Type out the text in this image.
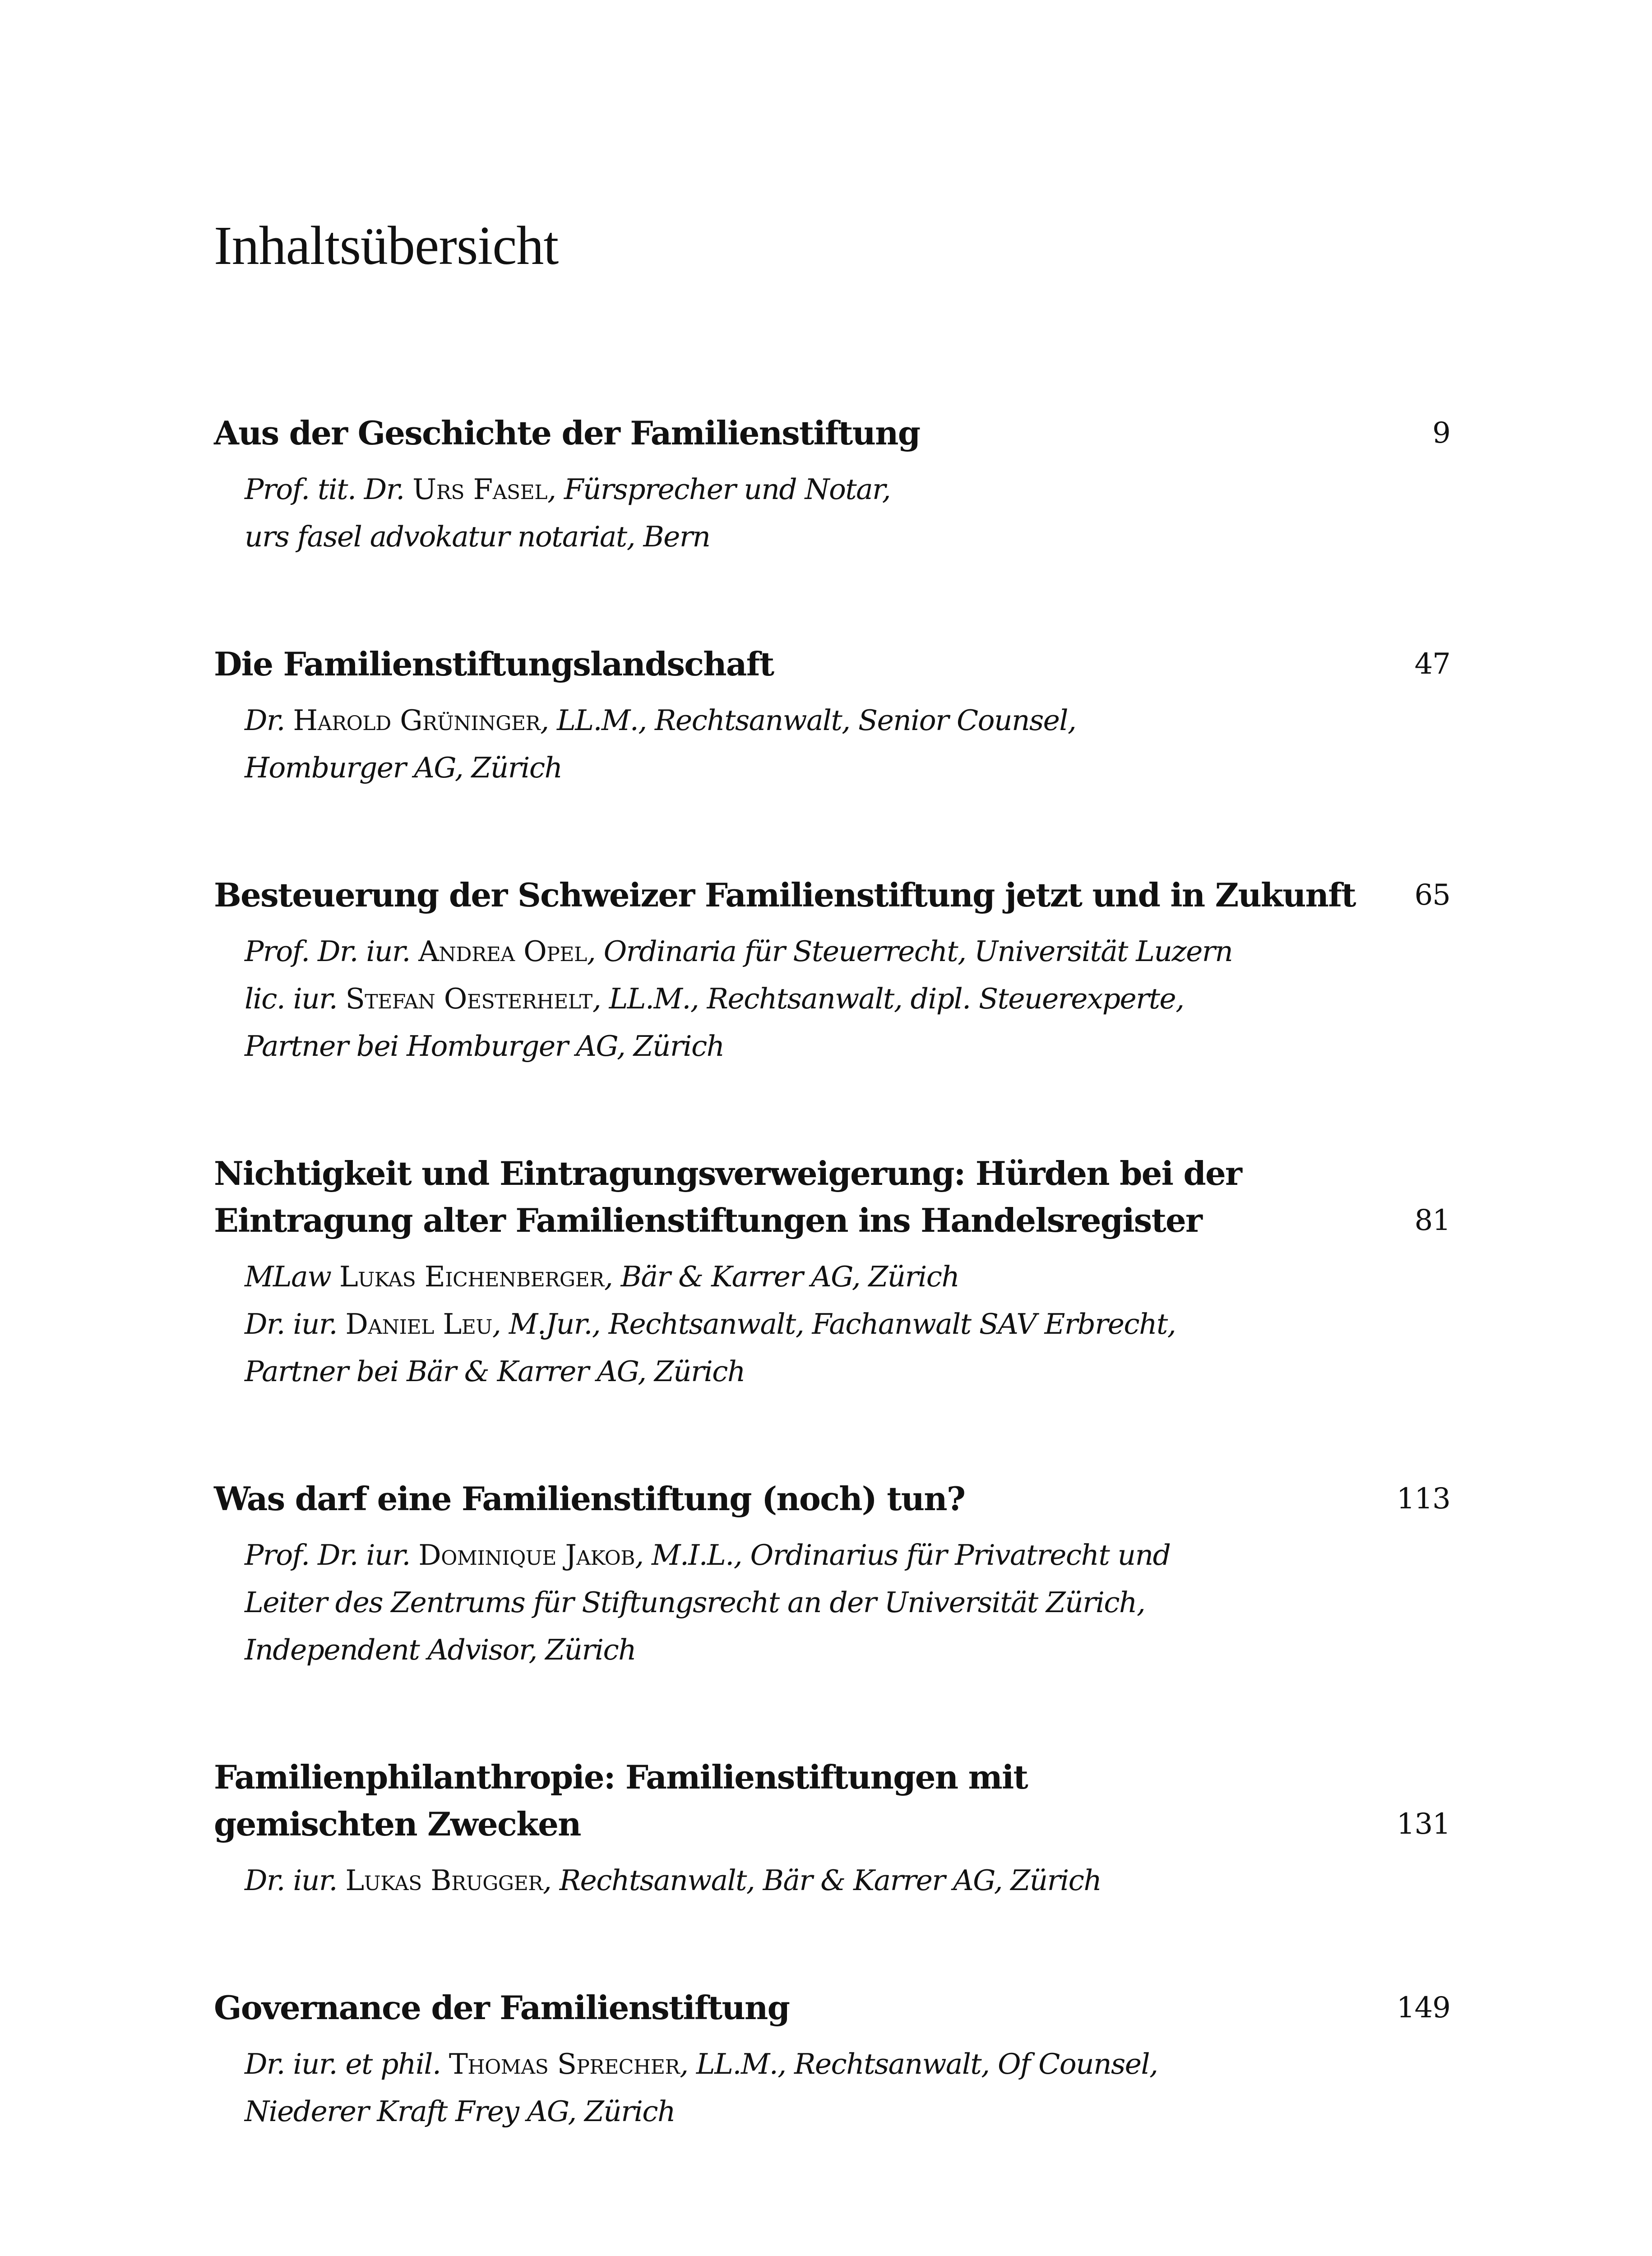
Inhaltsübersicht
Aus der Geschichte der Familienstiftung	9
Prof. tit. Dr. Urs Fasel, Fürsprecher und Notar,
urs fasel advokatur notariat, Bern
Die Familienstiftungslandschaft	47
Dr. Harold Grüninger, LL.M., Rechtsanwalt, Senior Counsel,
Homburger AG, Zürich
Besteuerung der Schweizer Familienstiftung jetzt und in Zukunft 65
Prof. Dr. iur. Andrea Opel, Ordinaria für Steuerrecht, Universität Luzern
lic. iur. Stefan Oesterhelt, LL.M., Rechtsanwalt, dipl. Steuerexperte,
Partner bei Homburger AG, Zürich
Nichtigkeit und Eintragungsverweigerung: Hürden bei der
Eintragung alter Familienstiftungen ins Handelsregister	81
MLaw Lukas Eichenberger, Bär & Karrer AG, Zürich
Dr. iur. Daniel Leu, M.Jur., Rechtsanwalt, Fachanwalt SAV Erbrecht,
Partner bei Bär & Karrer AG, Zürich
Was darf eine Familienstiftung (noch) tun?	113
Prof. Dr. iur. Dominique Jakob, M.I.L., Ordinarius für Privatrecht und
Leiter des Zentrums für Stiftungsrecht an der Universität Zürich,
Independent Advisor, Zürich
Familienphilanthropie: Familienstiftungen mit
gemischten Zwecken	131
Dr. iur. Lukas Brugger, Rechtsanwalt, Bär & Karrer AG, Zürich
Governance der Familienstiftung	149
Dr. iur. et phil. Thomas Sprecher, LL.M., Rechtsanwalt, Of Counsel,
Niederer Kraft Frey AG, Zürich
